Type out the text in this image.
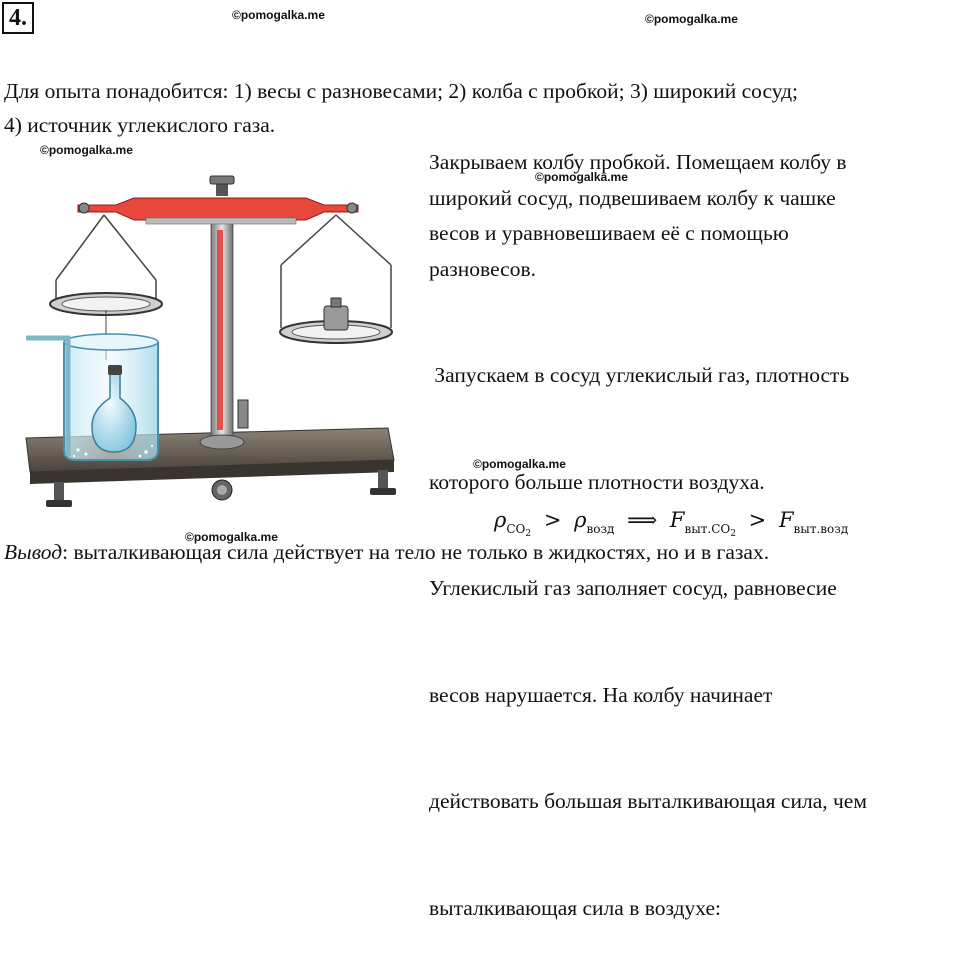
4.	©pomogalka.me	©pomogalka.me
©pomogalka.me
©pomogalka.me
©pomogalka.me
©pomogalka.me
Для опыта понадобится: 1) весы с разновесами; 2) колба с пробкой; 3) широкий сосуд;
4) источник углекислого газа.
Закрываем колбу пробкой. Помещаем колбу в
широкий сосуд, подвешиваем колбу к чашке
весов и уравновешиваем её с помощью
разновесов.

Запускаем в сосуд углекислый газ, плотность

которого больше плотности воздуха.

Углекислый газ заполняет сосуд, равновесие

весов нарушается. На колбу начинает

действовать большая выталкивающая сила, чем

выталкивающая сила в воздухе:

$\rho_{CO_2} > \rho_{возд}$ ⟹ $F_{выт.CO_2} > F_{выт.возд}$
Вывод: выталкивающая сила действует на тело не только в жидкостях, но и в газах.
